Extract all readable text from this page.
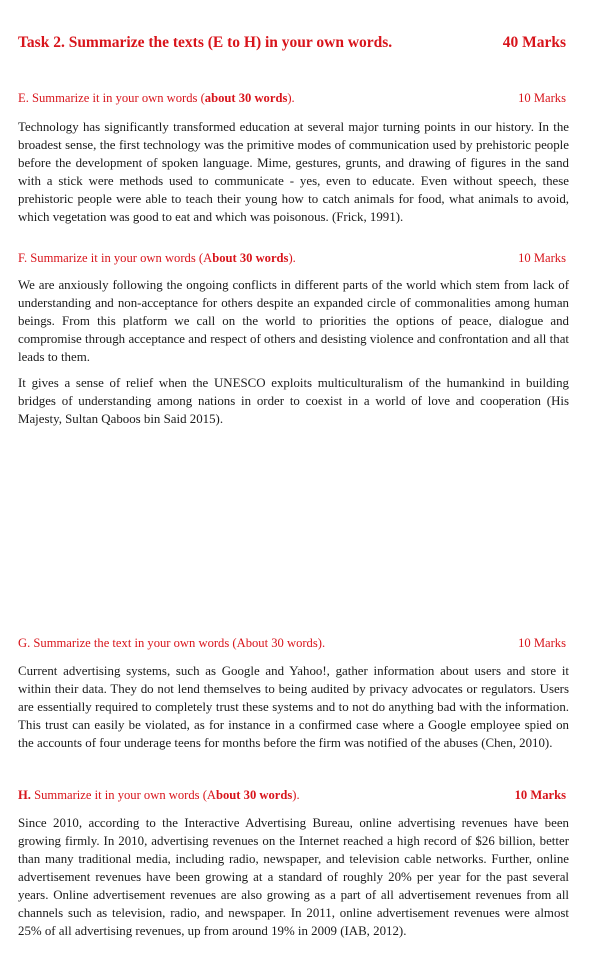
Task 2. Summarize the texts (E to H) in your own words.	40 Marks
E. Summarize it in your own words (about 30 words).	10 Marks

Technology has significantly transformed education at several major turning points in our history. In the broadest sense, the first technology was the primitive modes of communication used by prehistoric people before the development of spoken language. Mime, gestures, grunts, and drawing of figures in the sand with a stick were methods used to communicate - yes, even to educate. Even without speech, these prehistoric people were able to teach their young how to catch animals for food, what animals to avoid, which vegetation was good to eat and which was poisonous. (Frick, 1991).

F. Summarize it in your own words (About 30 words).	10 Marks

We are anxiously following the ongoing conflicts in different parts of the world which stem from lack of understanding and non-acceptance for others despite an expanded circle of commonalities among human beings. From this platform we call on the world to priorities the options of peace, dialogue and compromise through acceptance and respect of others and desisting violence and confrontation and all that leads to them.

It gives a sense of relief when the UNESCO exploits multiculturalism of the humankind in building bridges of understanding among nations in order to coexist in a world of love and cooperation (His Majesty, Sultan Qaboos bin Said 2015).

G. Summarize the text in your own words (About 30 words).	10 Marks

Current advertising systems, such as Google and Yahoo!, gather information about users and store it within their data. They do not lend themselves to being audited by privacy advocates or regulators. Users are essentially required to completely trust these systems and to not do anything bad with the information. This trust can easily be violated, as for instance in a confirmed case where a Google employee spied on the accounts of four underage teens for months before the firm was notified of the abuses (Chen, 2010).

H. Summarize it in your own words (About 30 words).	10 Marks

Since 2010, according to the Interactive Advertising Bureau, online advertising revenues have been growing firmly. In 2010, advertising revenues on the Internet reached a high record of $26 billion, better than many traditional media, including radio, newspaper, and television cable networks. Further, online advertisement revenues have been growing at a standard of roughly 20% per year for the past several years. Online advertisement revenues are also growing as a part of all advertisement revenues from all channels such as television, radio, and newspaper. In 2011, online advertisement revenues were almost 25% of all advertising revenues, up from around 19% in 2009 (IAB, 2012).
